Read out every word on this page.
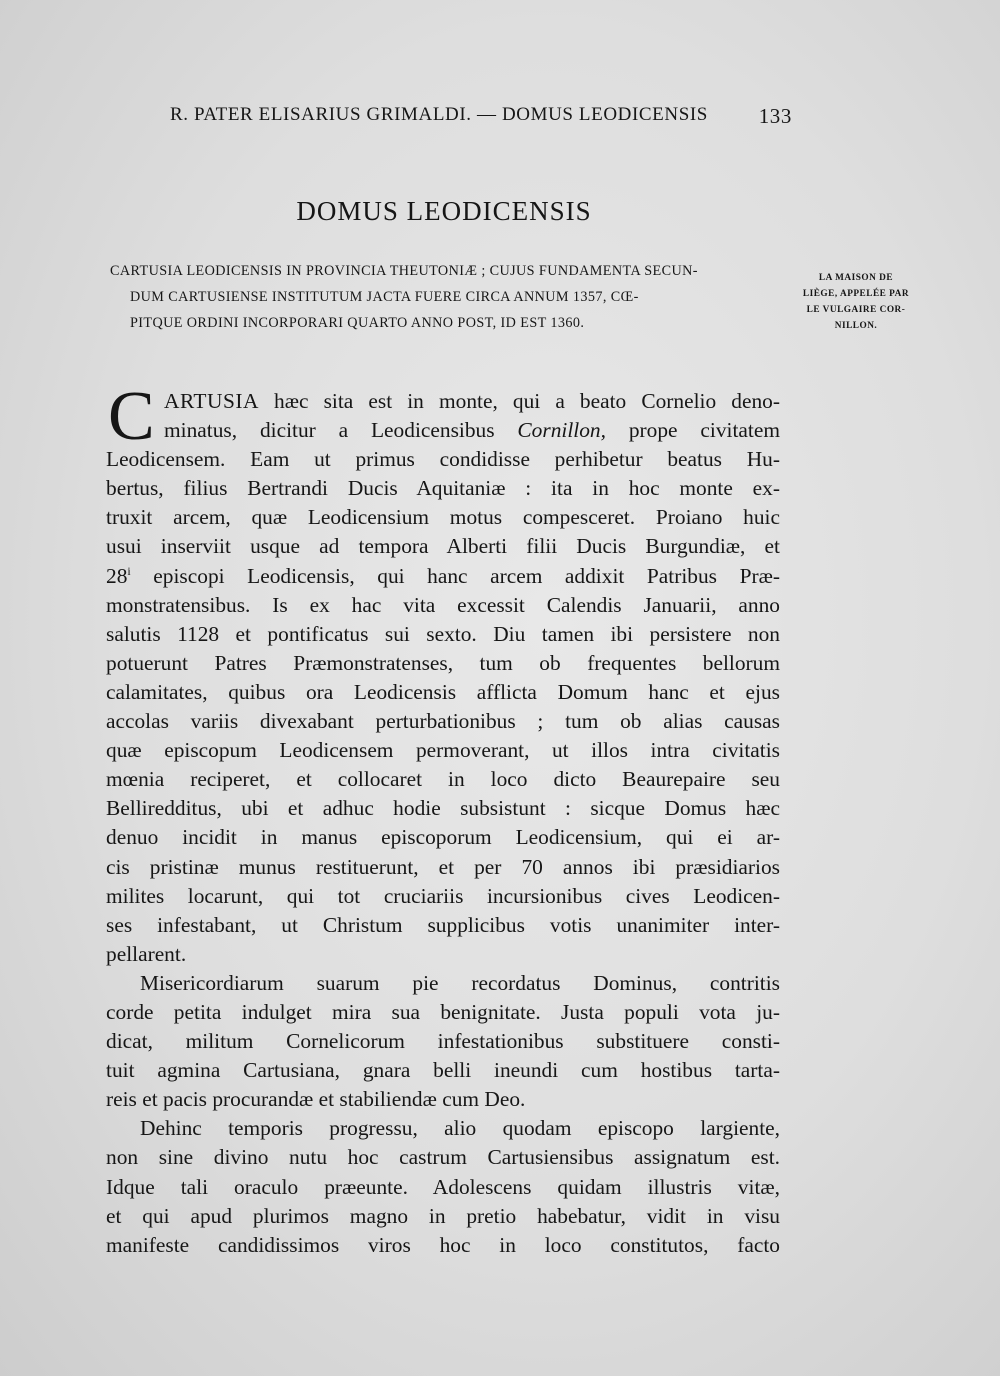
R. PATER ELISARIUS GRIMALDI. — DOMUS LEODICENSIS 133
DOMUS LEODICENSIS
CARTUSIA LEODICENSIS IN PROVINCIA THEUTONIÆ ; CUJUS FUNDAMENTA SECUN-
DUM CARTUSIENSE INSTITUTUM JACTA FUERE CIRCA ANNUM 1357, CŒ-
PITQUE ORDINI INCORPORARI QUARTO ANNO POST, ID EST 1360.
LA MAISON DE
LIÈGE, APPELÉE PAR
LE VULGAIRE COR-
NILLON.
C ARTUSIA hæc sita est in monte, qui a beato Cornelio deno-
minatus, dicitur a Leodicensibus Cornillon, prope civitatem
Leodicensem. Eam ut primus condidisse perhibetur beatus Hu-
bertus, filius Bertrandi Ducis Aquitaniæ : ita in hoc monte ex-
truxit arcem, quæ Leodicensium motus compesceret. Proiano huic
usui inserviit usque ad tempora Alberti filii Ducis Burgundiæ, et
28$^i$ episcopi Leodicensis, qui hanc arcem addixit Patribus Præ-
monstratensibus. Is ex hac vita excessit Calendis Januarii, anno
salutis 1128 et pontificatus sui sexto. Diu tamen ibi persistere non
potuerunt Patres Præmonstratenses, tum ob frequentes bellorum
calamitates, quibus ora Leodicensis afflicta Domum hanc et ejus
accolas variis divexabant perturbationibus ; tum ob alias causas
quæ episcopum Leodicensem permoverant, ut illos intra civitatis
mœnia reciperet, et collocaret in loco dicto Beaurepaire seu
Belliredditus, ubi et adhuc hodie subsistunt : sicque Domus hæc
denuo incidit in manus episcoporum Leodicensium, qui ei ar-
cis pristinæ munus restituerunt, et per 70 annos ibi præsidiarios
milites locarunt, qui tot cruciariis incursionibus cives Leodicen-
ses infestabant, ut Christum supplicibus votis unanimiter inter-
pellarent.
Misericordiarum suarum pie recordatus Dominus, contritis
corde petita indulget mira sua benignitate. Justa populi vota ju-
dicat, militum Cornelicorum infestationibus substituere consti-
tuit agmina Cartusiana, gnara belli ineundi cum hostibus tarta-
reis et pacis procurandæ et stabiliendæ cum Deo.
Dehinc temporis progressu, alio quodam episcopo largiente,
non sine divino nutu hoc castrum Cartusiensibus assignatum est.
Idque tali oraculo præeunte. Adolescens quidam illustris vitæ,
et qui apud plurimos magno in pretio habebatur, vidit in visu
manifeste candidissimos viros hoc in loco constitutos, facto
